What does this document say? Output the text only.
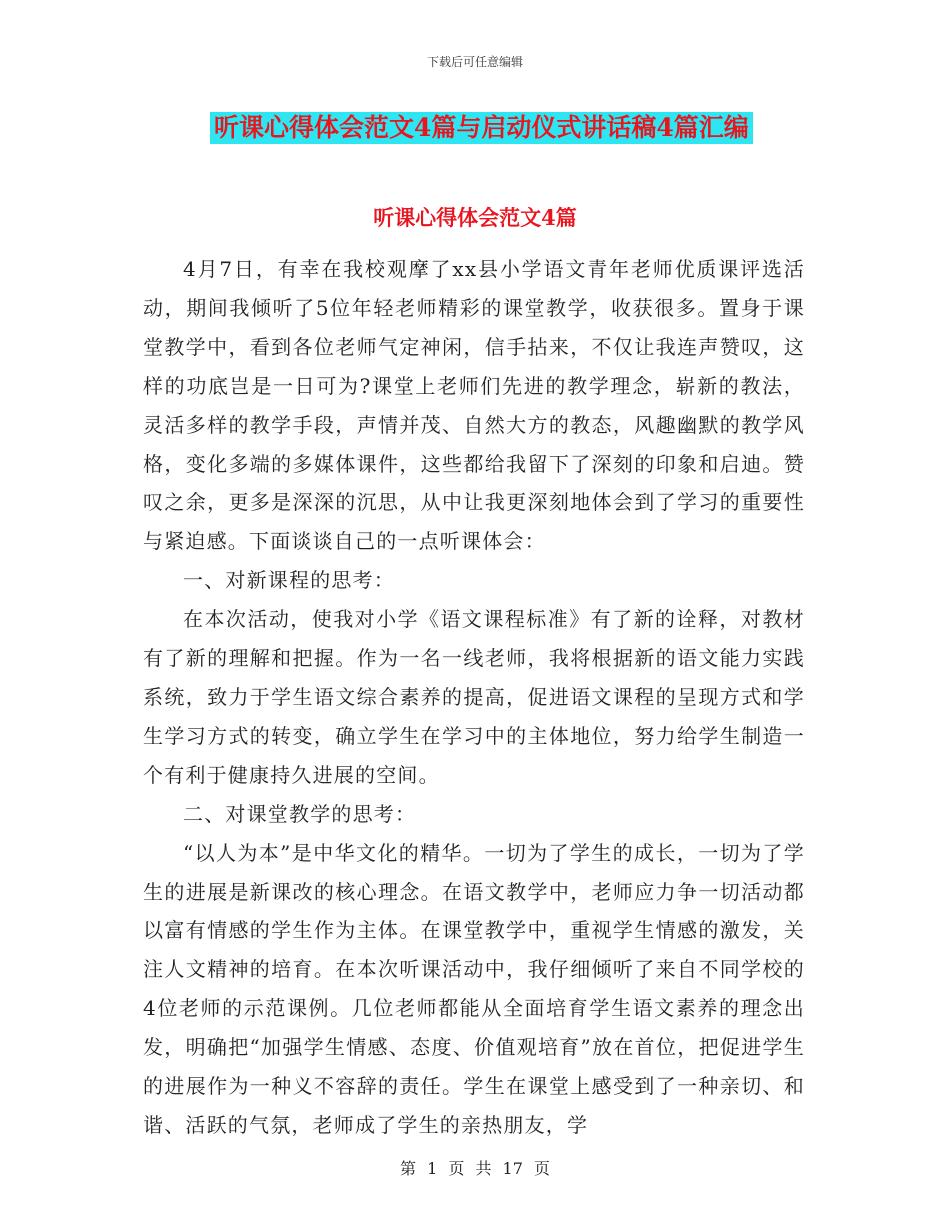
下载后可任意编辑
听课心得体会范文4篇与启动仪式讲话稿4篇汇编
听课心得体会范文4篇

4月7日，有幸在我校观摩了xx县小学语文青年老师优质课评选活动，期间我倾听了5位年轻老师精彩的课堂教学，收获很多。置身于课堂教学中，看到各位老师气定神闲，信手拈来，不仅让我连声赞叹，这样的功底岂是一日可为?课堂上老师们先进的教学理念，崭新的教法，灵活多样的教学手段，声情并茂、自然大方的教态，风趣幽默的教学风格，变化多端的多媒体课件，这些都给我留下了深刻的印象和启迪。赞叹之余，更多是深深的沉思，从中让我更深刻地体会到了学习的重要性与紧迫感。下面谈谈自己的一点听课体会：

一、对新课程的思考：

在本次活动，使我对小学《语文课程标准》有了新的诠释，对教材有了新的理解和把握。作为一名一线老师，我将根据新的语文能力实践系统，致力于学生语文综合素养的提高，促进语文课程的呈现方式和学生学习方式的转变，确立学生在学习中的主体地位，努力给学生制造一个有利于健康持久进展的空间。

二、对课堂教学的思考：

“以人为本”是中华文化的精华。一切为了学生的成长，一切为了学生的进展是新课改的核心理念。在语文教学中，老师应力争一切活动都以富有情感的学生作为主体。在课堂教学中，重视学生情感的激发，关注人文精神的培育。在本次听课活动中，我仔细倾听了来自不同学校的4位老师的示范课例。几位老师都能从全面培育学生语文素养的理念出发，明确把“加强学生情感、态度、价值观培育”放在首位，把促进学生的进展作为一种义不容辞的责任。学生在课堂上感受到了一种亲切、和谐、活跃的气氛，老师成了学生的亲热朋友，学

第 1 页 共 17 页
